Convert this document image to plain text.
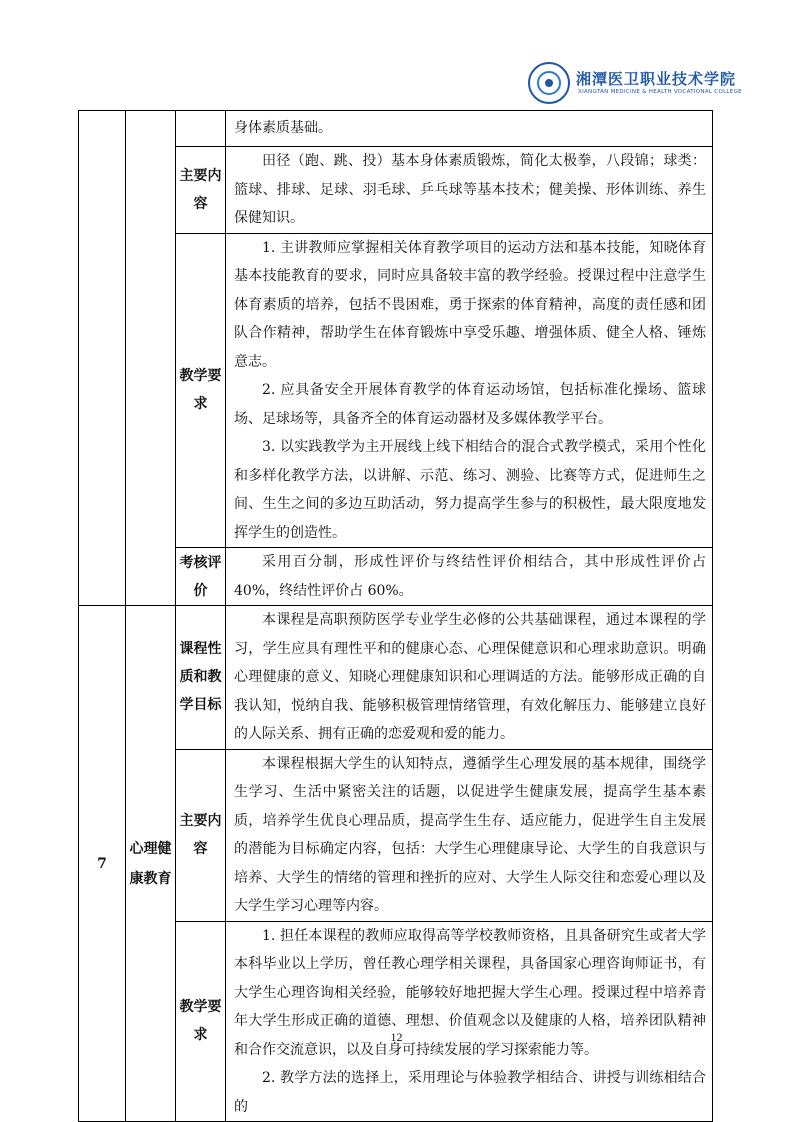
湘潭医卫职业技术学院
XIANGTAN MEDICINE & HEALTH VOCATIONAL COLLEGE
			身体素质基础。
		主要内容	田径（跑、跳、投）基本身体素质锻炼，简化太极拳，八段锦；球类：篮球、排球、足球、羽毛球、乒乓球等基本技术；健美操、形体训练、养生保健知识。

		教学要求	1. 主讲教师应掌握相关体育教学项目的运动方法和基本技能，知晓体育基本技能教育的要求，同时应具备较丰富的教学经验。授课过程中注意学生体育素质的培养，包括不畏困难，勇于探索的体育精神，高度的责任感和团队合作精神，帮助学生在体育锻炼中享受乐趣、增强体质、健全人格、锤炼意志。

2. 应具备安全开展体育教学的体育运动场馆，包括标准化操场、篮球场、足球场等，具备齐全的体育运动器材及多媒体教学平台。

3. 以实践教学为主开展线上线下相结合的混合式教学模式，采用个性化和多样化教学方法，以讲解、示范、练习、测验、比赛等方式，促进师生之间、生生之间的多边互助活动，努力提高学生参与的积极性，最大限度地发挥学生的创造性。

		考核评价	采用百分制，形成性评价与终结性评价相结合，其中形成性评价占 40%，终结性评价占 60%。

7	心理健康教育	课程性质和教学目标	本课程是高职预防医学专业学生必修的公共基础课程，通过本课程的学习，学生应具有理性平和的健康心态、心理保健意识和心理求助意识。明确心理健康的意义、知晓心理健康知识和心理调适的方法。能够形成正确的自我认知，悦纳自我、能够积极管理情绪管理，有效化解压力、能够建立良好的人际关系、拥有正确的恋爱观和爱的能力。

		主要内容	本课程根据大学生的认知特点，遵循学生心理发展的基本规律，围绕学生学习、生活中紧密关注的话题，以促进学生健康发展，提高学生基本素质，培养学生优良心理品质，提高学生生存、适应能力，促进学生自主发展的潜能为目标确定内容，包括：大学生心理健康导论、大学生的自我意识与培养、大学生的情绪的管理和挫折的应对、大学生人际交往和恋爱心理以及大学生学习心理等内容。

		教学要求	1. 担任本课程的教师应取得高等学校教师资格，且具备研究生或者大学本科毕业以上学历，曾任教心理学相关课程，具备国家心理咨询师证书，有大学生心理咨询相关经验，能够较好地把握大学生心理。授课过程中培养青年大学生形成正确的道德、理想、价值观念以及健康的人格，培养团队精神和合作交流意识，以及自身可持续发展的学习探索能力等。

2. 教学方法的选择上，采用理论与体验教学相结合、讲授与训练相结合的

12
